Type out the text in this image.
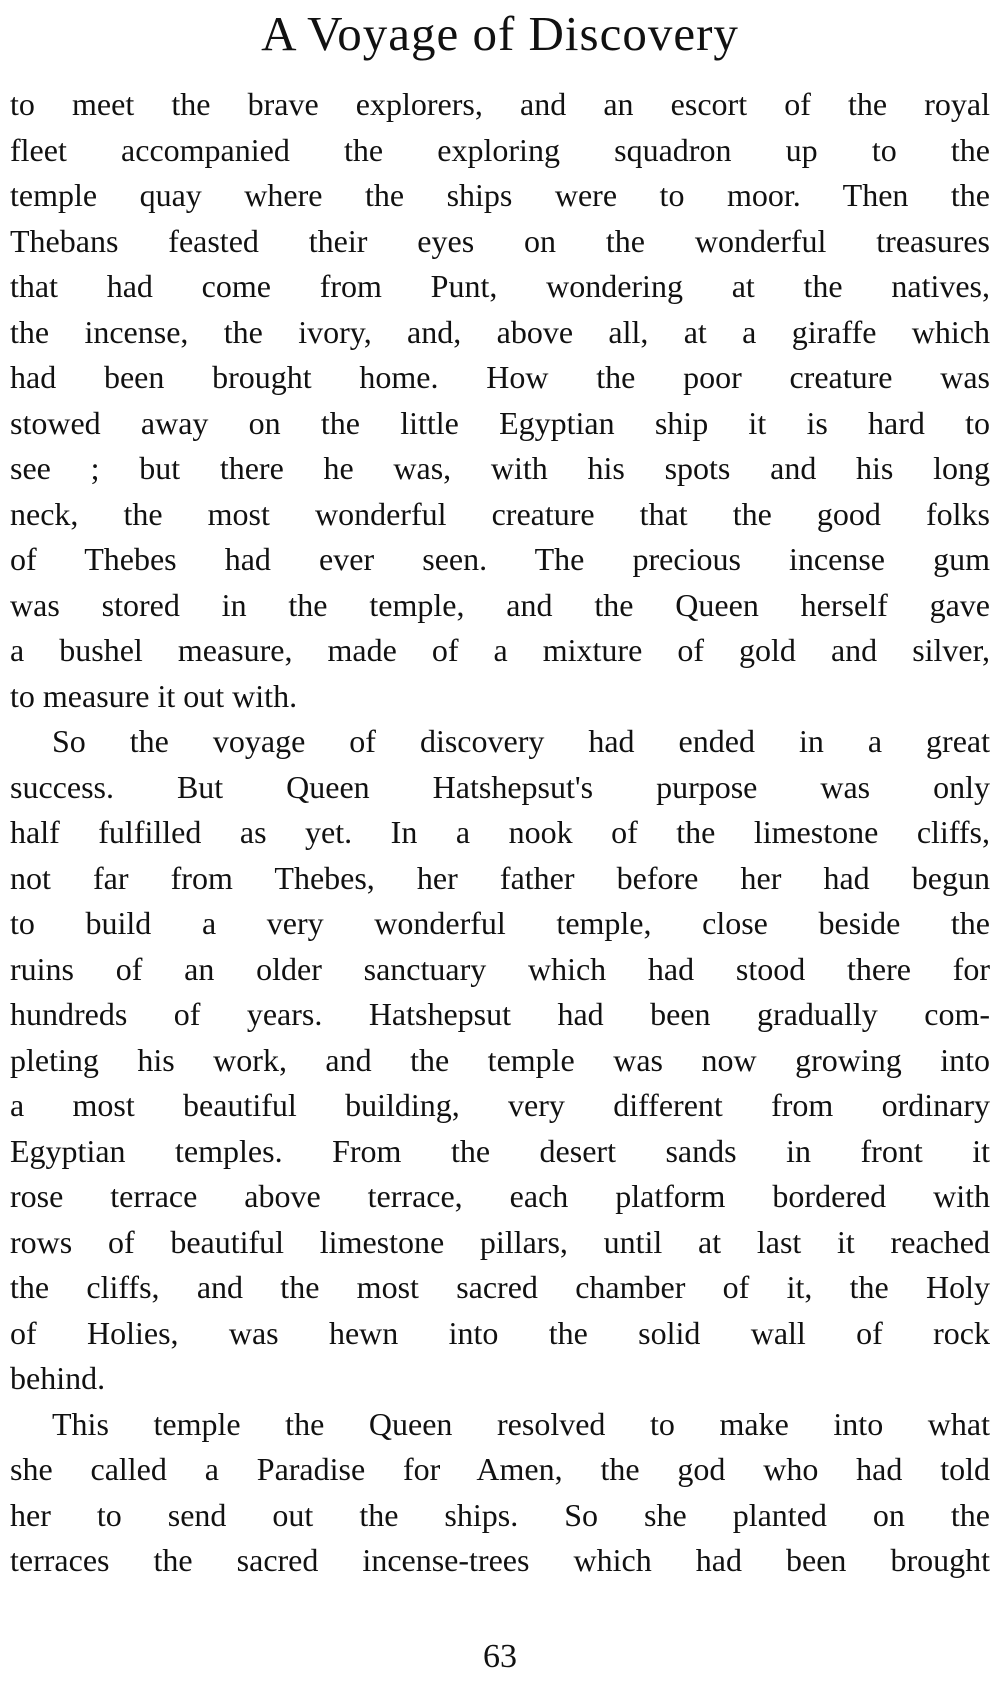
A Voyage of Discovery
to meet the brave explorers, and an escort of the royal
fleet accompanied the exploring squadron up to the
temple quay where the ships were to moor. Then the
Thebans feasted their eyes on the wonderful treasures
that had come from Punt, wondering at the natives,
the incense, the ivory, and, above all, at a giraffe which
had been brought home. How the poor creature was
stowed away on the little Egyptian ship it is hard to
see ; but there he was, with his spots and his long
neck, the most wonderful creature that the good folks
of Thebes had ever seen. The precious incense gum
was stored in the temple, and the Queen herself gave
a bushel measure, made of a mixture of gold and silver,
to measure it out with.
So the voyage of discovery had ended in a great
success. But Queen Hatshepsut's purpose was only
half fulfilled as yet. In a nook of the limestone cliffs,
not far from Thebes, her father before her had begun
to build a very wonderful temple, close beside the
ruins of an older sanctuary which had stood there for
hundreds of years. Hatshepsut had been gradually com-
pleting his work, and the temple was now growing into
a most beautiful building, very different from ordinary
Egyptian temples. From the desert sands in front it
rose terrace above terrace, each platform bordered with
rows of beautiful limestone pillars, until at last it reached
the cliffs, and the most sacred chamber of it, the Holy
of Holies, was hewn into the solid wall of rock
behind.
This temple the Queen resolved to make into what
she called a Paradise for Amen, the god who had told
her to send out the ships. So she planted on the
terraces the sacred incense-trees which had been brought
63
